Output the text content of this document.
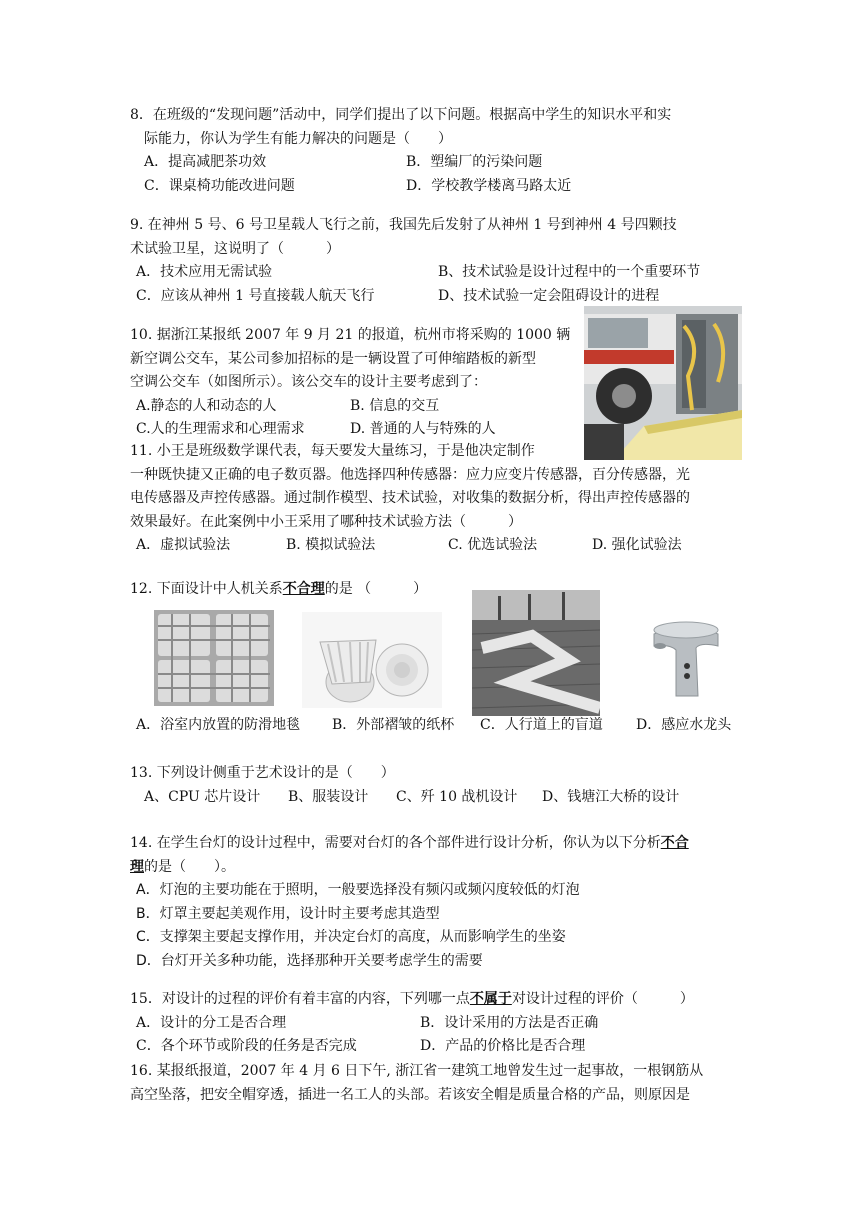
8．在班级的“发现问题”活动中，同学们提出了以下问题。根据高中学生的知识水平和实
际能力，你认为学生有能力解决的问题是（　　）
A．提高减肥茶功效	B．塑编厂的污染问题
C．课桌椅功能改进问题	D．学校教学楼离马路太近
9. 在神州 5 号、6 号卫星载人飞行之前，我国先后发射了从神州 1 号到神州 4 号四颗技
术试验卫星，这说明了（　　　）
A．技术应用无需试验	B、技术试验是设计过程中的一个重要环节
C．应该从神州 1 号直接载人航天飞行	D、技术试验一定会阻碍设计的进程
10. 据浙江某报纸 2007 年 9 月 21 的报道，杭州市将采购的 1000 辆
新空调公交车，某公司参加招标的是一辆设置了可伸缩踏板的新型
空调公交车（如图所示）。该公交车的设计主要考虑到了：
A.静态的人和动态的人	B. 信息的交互
C.人的生理需求和心理需求	D. 普通的人与特殊的人
11. 小王是班级数学课代表，每天要发大量练习，于是他决定制作
一种既快捷又正确的电子数页器。他选择四种传感器：应力应变片传感器，百分传感器，光
电传感器及声控传感器。通过制作模型、技术试验，对收集的数据分析，得出声控传感器的
效果最好。在此案例中小王采用了哪种技术试验方法（　　　）
A．虚拟试验法	B. 模拟试验法	C. 优选试验法	D. 强化试验法
12. 下面设计中人机关系不合理的是 （　　　）
A．浴室内放置的防滑地毯 B．外部褶皱的纸杯 C．人行道上的盲道 D．感应水龙头
13. 下列设计侧重于艺术设计的是（　　）
A、CPU 芯片设计 B、服装设计 C、歼 10 战机设计 D、钱塘江大桥的设计
14. 在学生台灯的设计过程中，需要对台灯的各个部件进行设计分析，你认为以下分析不合
理的是（　　）。
A．灯泡的主要功能在于照明，一般要选择没有频闪或频闪度较低的灯泡
B．灯罩主要起美观作用，设计时主要考虑其造型
C．支撑架主要起支撑作用，并决定台灯的高度，从而影响学生的坐姿
D．台灯开关多种功能，选择那种开关要考虑学生的需要
15．对设计的过程的评价有着丰富的内容，下列哪一点不属于对设计过程的评价（　　　）
A．设计的分工是否合理	B．设计采用的方法是否正确
C．各个环节或阶段的任务是否完成	D．产品的价格比是否合理
16. 某报纸报道，2007 年 4 月 6 日下午, 浙江省一建筑工地曾发生过一起事故，一根钢筋从
高空坠落，把安全帽穿透，插进一名工人的头部。若该安全帽是质量合格的产品，则原因是
